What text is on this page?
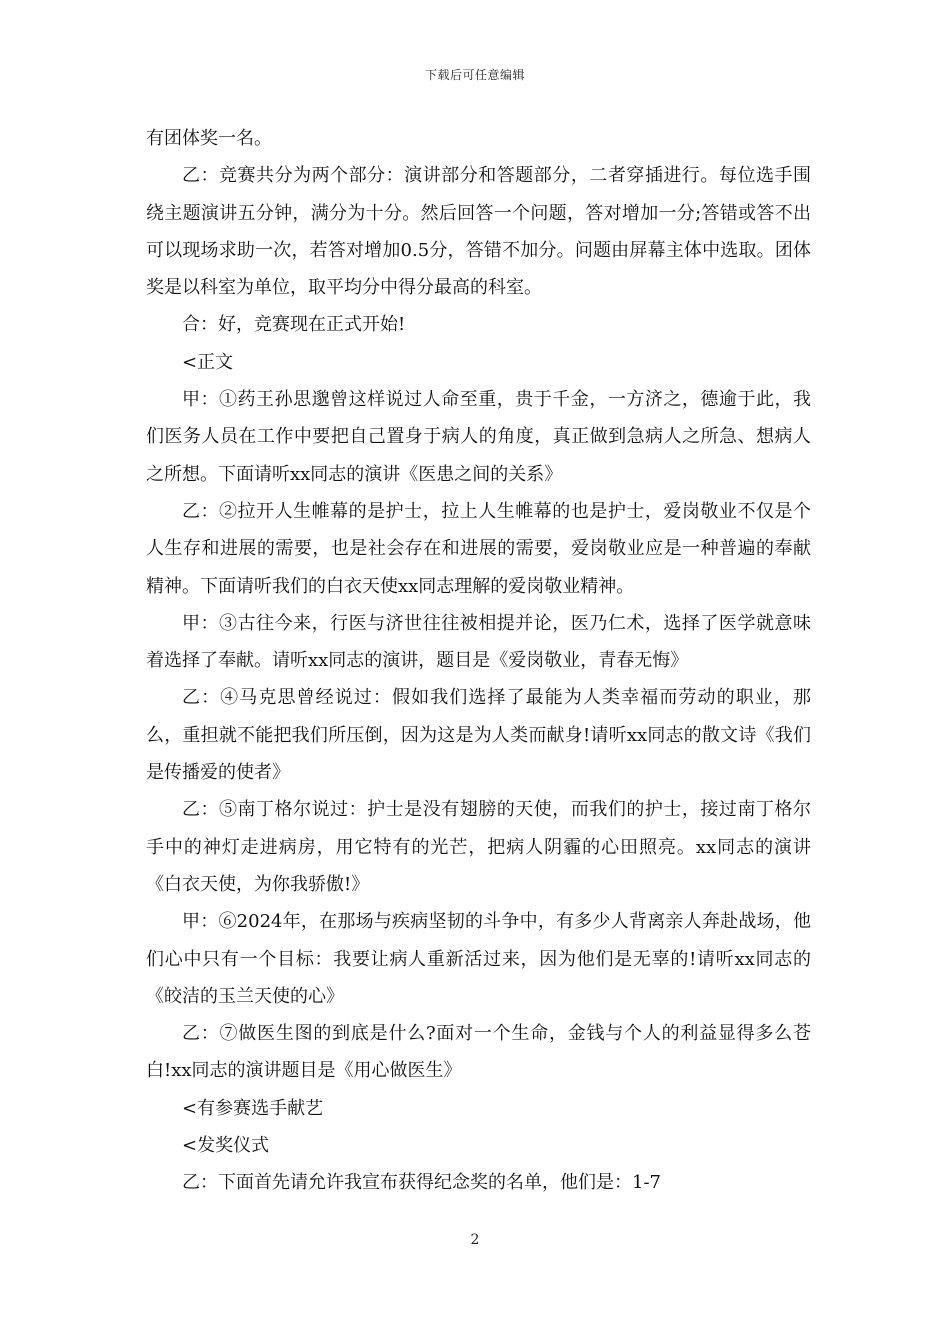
下载后可任意编辑

有团体奖一名。

乙：竞赛共分为两个部分：演讲部分和答题部分，二者穿插进行。每位选手围绕主题演讲五分钟，满分为十分。然后回答一个问题，答对增加一分;答错或答不出可以现场求助一次，若答对增加0.5分，答错不加分。问题由屏幕主体中选取。团体奖是以科室为单位，取平均分中得分最高的科室。

合：好，竞赛现在正式开始!

<正文

甲：①药王孙思邈曾这样说过人命至重，贵于千金，一方济之，德逾于此，我们医务人员在工作中要把自己置身于病人的角度，真正做到急病人之所急、想病人之所想。下面请听xx同志的演讲《医患之间的关系》

乙：②拉开人生帷幕的是护士，拉上人生帷幕的也是护士，爱岗敬业不仅是个人生存和进展的需要，也是社会存在和进展的需要，爱岗敬业应是一种普遍的奉献精神。下面请听我们的白衣天使xx同志理解的爱岗敬业精神。

甲：③古往今来，行医与济世往往被相提并论，医乃仁术，选择了医学就意味着选择了奉献。请听xx同志的演讲，题目是《爱岗敬业，青春无悔》

乙：④马克思曾经说过：假如我们选择了最能为人类幸福而劳动的职业，那么，重担就不能把我们所压倒，因为这是为人类而献身!请听xx同志的散文诗《我们是传播爱的使者》

乙：⑤南丁格尔说过：护士是没有翅膀的天使，而我们的护士，接过南丁格尔手中的神灯走进病房，用它特有的光芒，把病人阴霾的心田照亮。xx同志的演讲《白衣天使，为你我骄傲!》

甲：⑥2024年，在那场与疾病坚韧的斗争中，有多少人背离亲人奔赴战场，他们心中只有一个目标：我要让病人重新活过来，因为他们是无辜的!请听xx同志的《皎洁的玉兰天使的心》

乙：⑦做医生图的到底是什么?面对一个生命，金钱与个人的利益显得多么苍白!xx同志的演讲题目是《用心做医生》

<有参赛选手献艺

<发奖仪式

乙：下面首先请允许我宣布获得纪念奖的名单，他们是：1-7

2
